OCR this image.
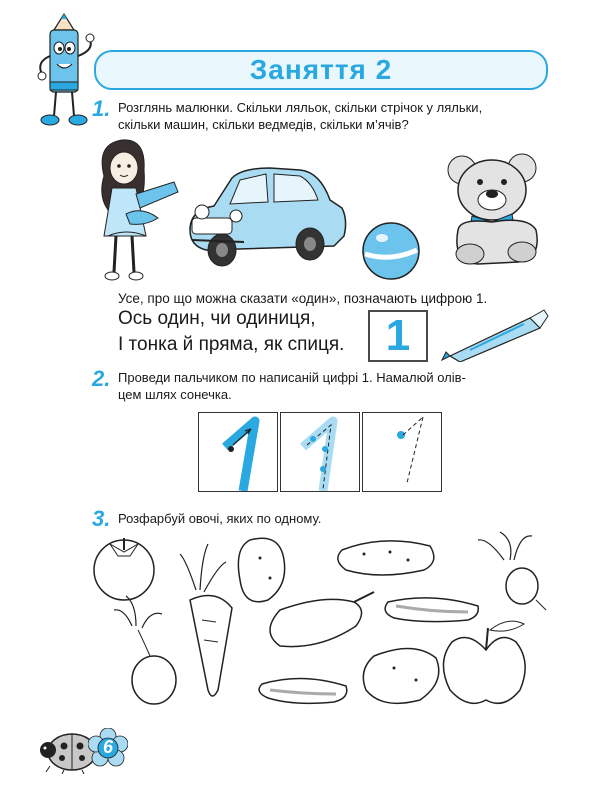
Заняття 2
1. Розглянь малюнки. Скільки ляльок, скільки стрічок у ляльки,
скільки машин, скільки ведмедів, скільки м’ячів?
Усе, про що можна сказати «один», позначають цифрою 1.
Ось один, чи одиниця,
І тонка й пряма, як спиця. 1
2. Проведи пальчиком по написаній цифрі 1. Намалюй олів-
цем шлях сонечка.
3. Розфарбуй овочі, яких по одному.
6
